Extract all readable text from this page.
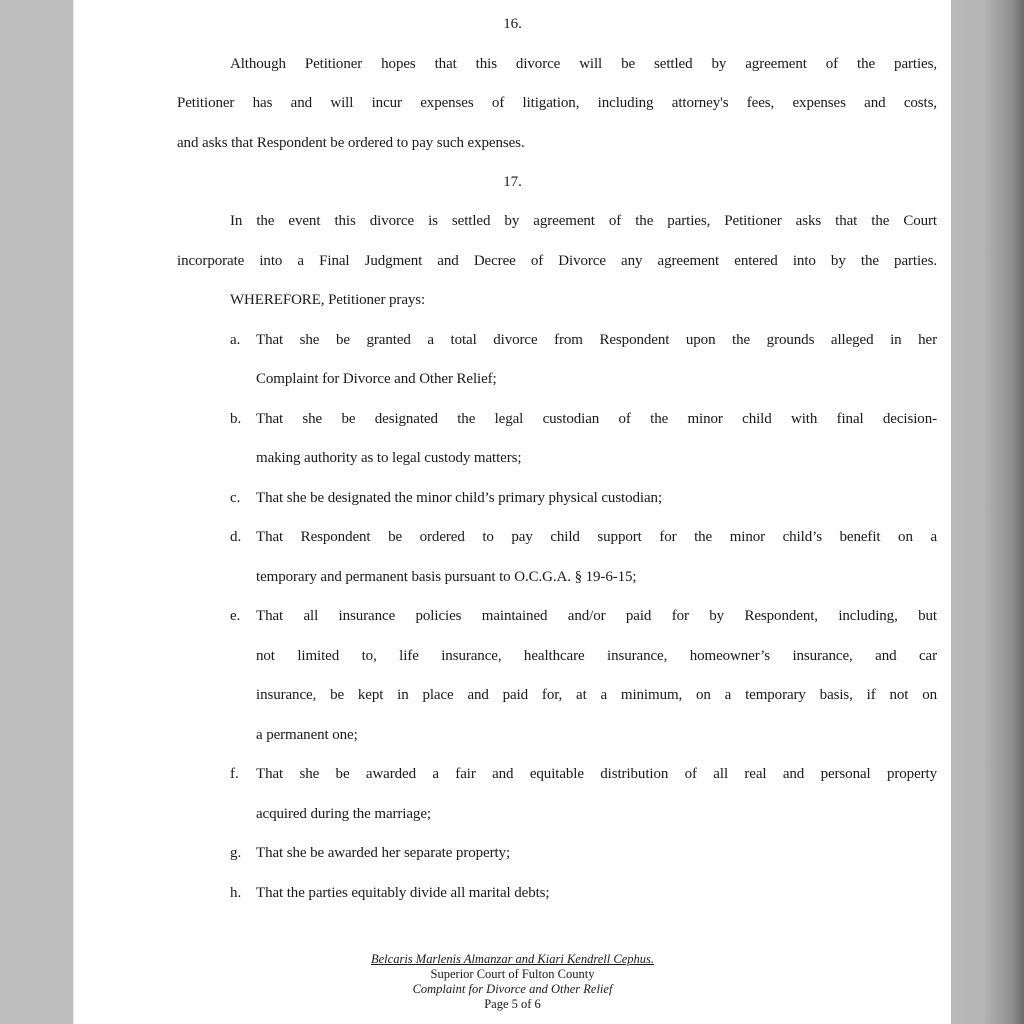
16.
Although Petitioner hopes that this divorce will be settled by agreement of the parties,
Petitioner has and will incur expenses of litigation, including attorney's fees, expenses and costs,
and asks that Respondent be ordered to pay such expenses.
17.
In the event this divorce is settled by agreement of the parties, Petitioner asks that the Court
incorporate into a Final Judgment and Decree of Divorce any agreement entered into by the parties.
WHEREFORE, Petitioner prays:
a. That she be granted a total divorce from Respondent upon the grounds alleged in her
Complaint for Divorce and Other Relief;
b. That she be designated the legal custodian of the minor child with final decision-
making authority as to legal custody matters;
c. That she be designated the minor child’s primary physical custodian;
d. That Respondent be ordered to pay child support for the minor child’s benefit on a
temporary and permanent basis pursuant to O.C.G.A. § 19-6-15;
e. That all insurance policies maintained and/or paid for by Respondent, including, but
not limited to, life insurance, healthcare insurance, homeowner’s insurance, and car
insurance, be kept in place and paid for, at a minimum, on a temporary basis, if not on
a permanent one;
f. That she be awarded a fair and equitable distribution of all real and personal property
acquired during the marriage;
g. That she be awarded her separate property;
h. That the parties equitably divide all marital debts;
Belcaris Marlenis Almanzar and Kiari Kendrell Cephus.
Superior Court of Fulton County
Complaint for Divorce and Other Relief
Page 5 of 6
